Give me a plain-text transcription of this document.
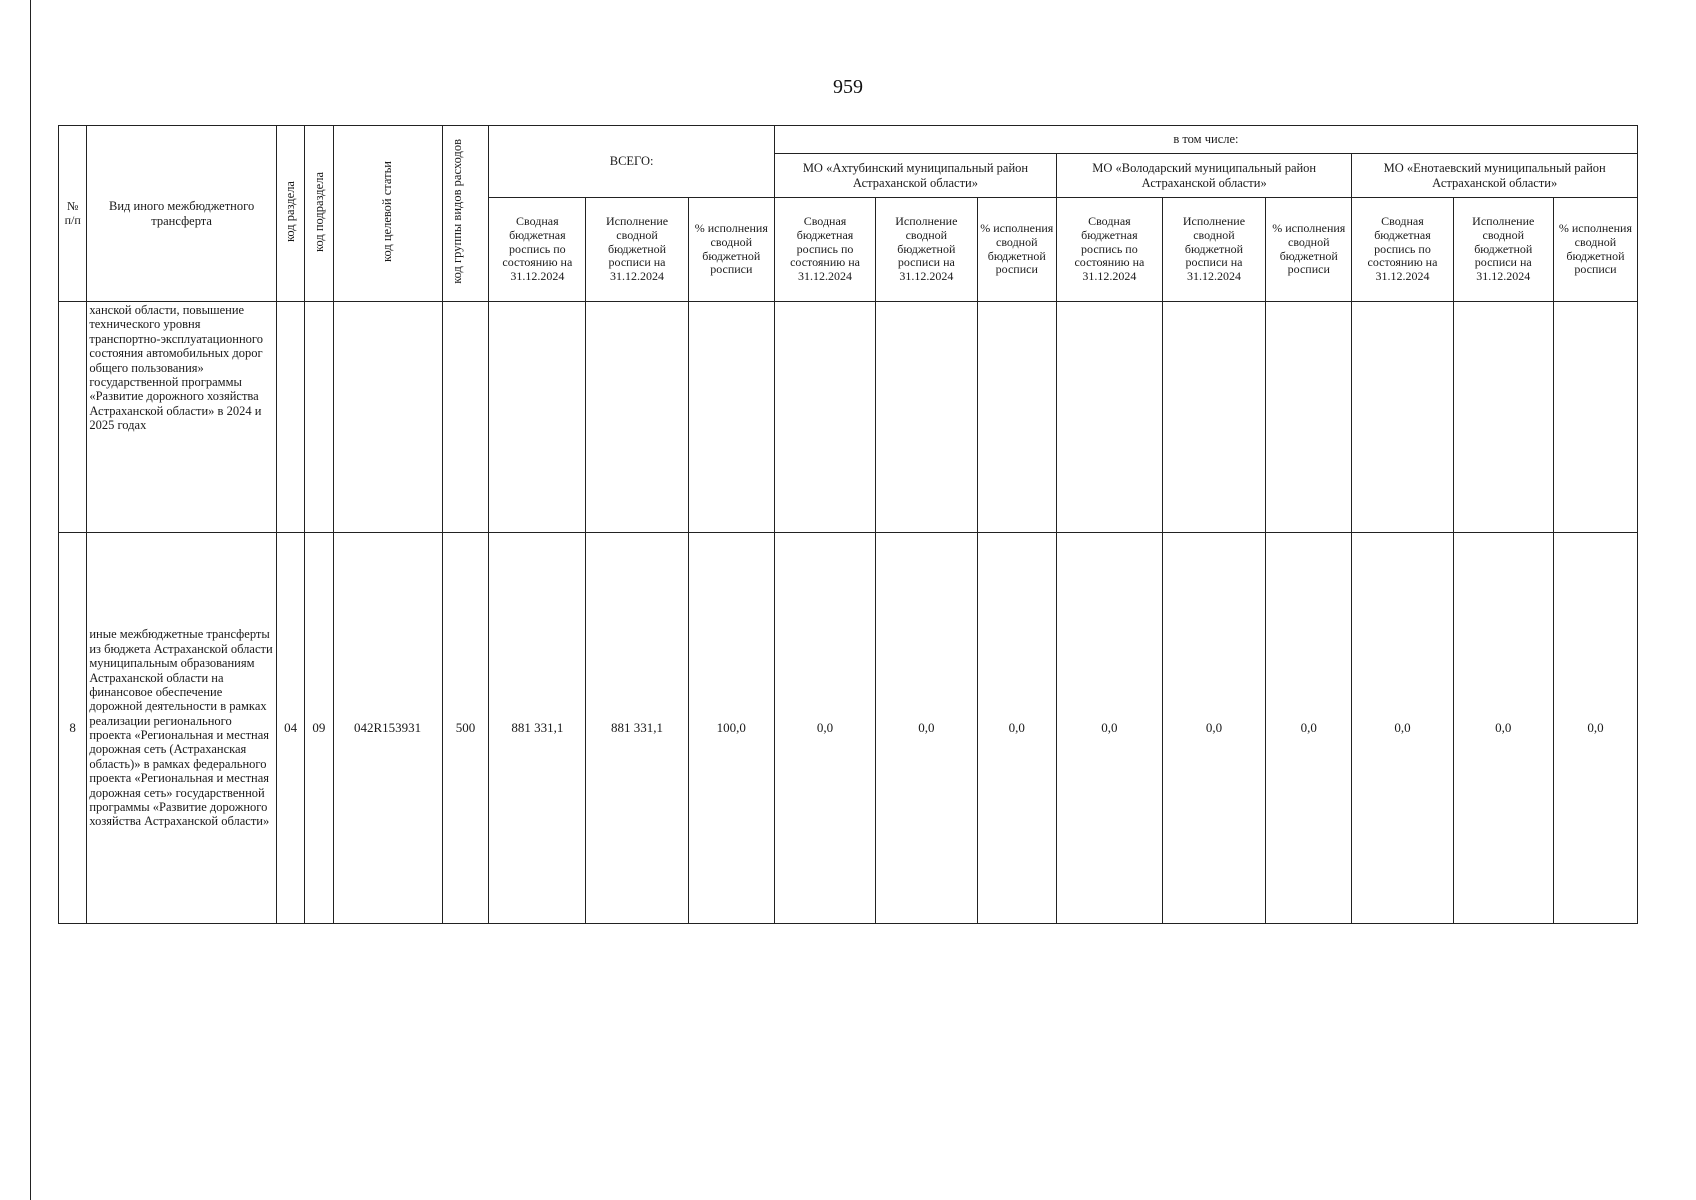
959
№ п/п	Вид иного межбюджетного трансферта	код раздела	код подраздела	код целевой статьи	код группы видов расходов	ВСЕГО:			в том числе:								
									МО «Ахтубинский муниципальный район Астраханской области»			МО «Володарский муниципальный район Астраханской области»			МО «Енотаевский муниципальный район Астраханской области»		
						Сводная бюджетная роспись по состоянию на 31.12.2024	Исполнение сводной бюджетной росписи на 31.12.2024	% исполнения сводной бюджетной росписи	Сводная бюджетная роспись по состоянию на 31.12.2024	Исполнение сводной бюджетной росписи на 31.12.2024	% исполнения сводной бюджетной росписи	Сводная бюджетная роспись по состоянию на 31.12.2024	Исполнение сводной бюджетной росписи на 31.12.2024	% исполнения сводной бюджетной росписи	Сводная бюджетная роспись по состоянию на 31.12.2024	Исполнение сводной бюджетной росписи на 31.12.2024	% исполнения сводной бюджетной росписи
	ханской области, повышение технического уровня транспортно-эксплуатационного состояния автомобильных дорог общего пользования» государственной программы «Развитие дорожного хозяйства Астраханской области» в 2024 и 2025 годах																
8	иные межбюджетные трансферты из бюджета Астраханской области муниципальным образованиям Астраханской области на финансовое обеспечение дорожной деятельности в рамках реализации регионального проекта «Региональная и местная дорожная сеть (Астраханская область)» в рамках федерального проекта «Региональная и местная дорожная сеть» государственной программы «Развитие дорожного хозяйства Астраханской области»	04	09	042R153931	500	881 331,1	881 331,1	100,0	0,0	0,0	0,0	0,0	0,0	0,0	0,0	0,0	0,0
